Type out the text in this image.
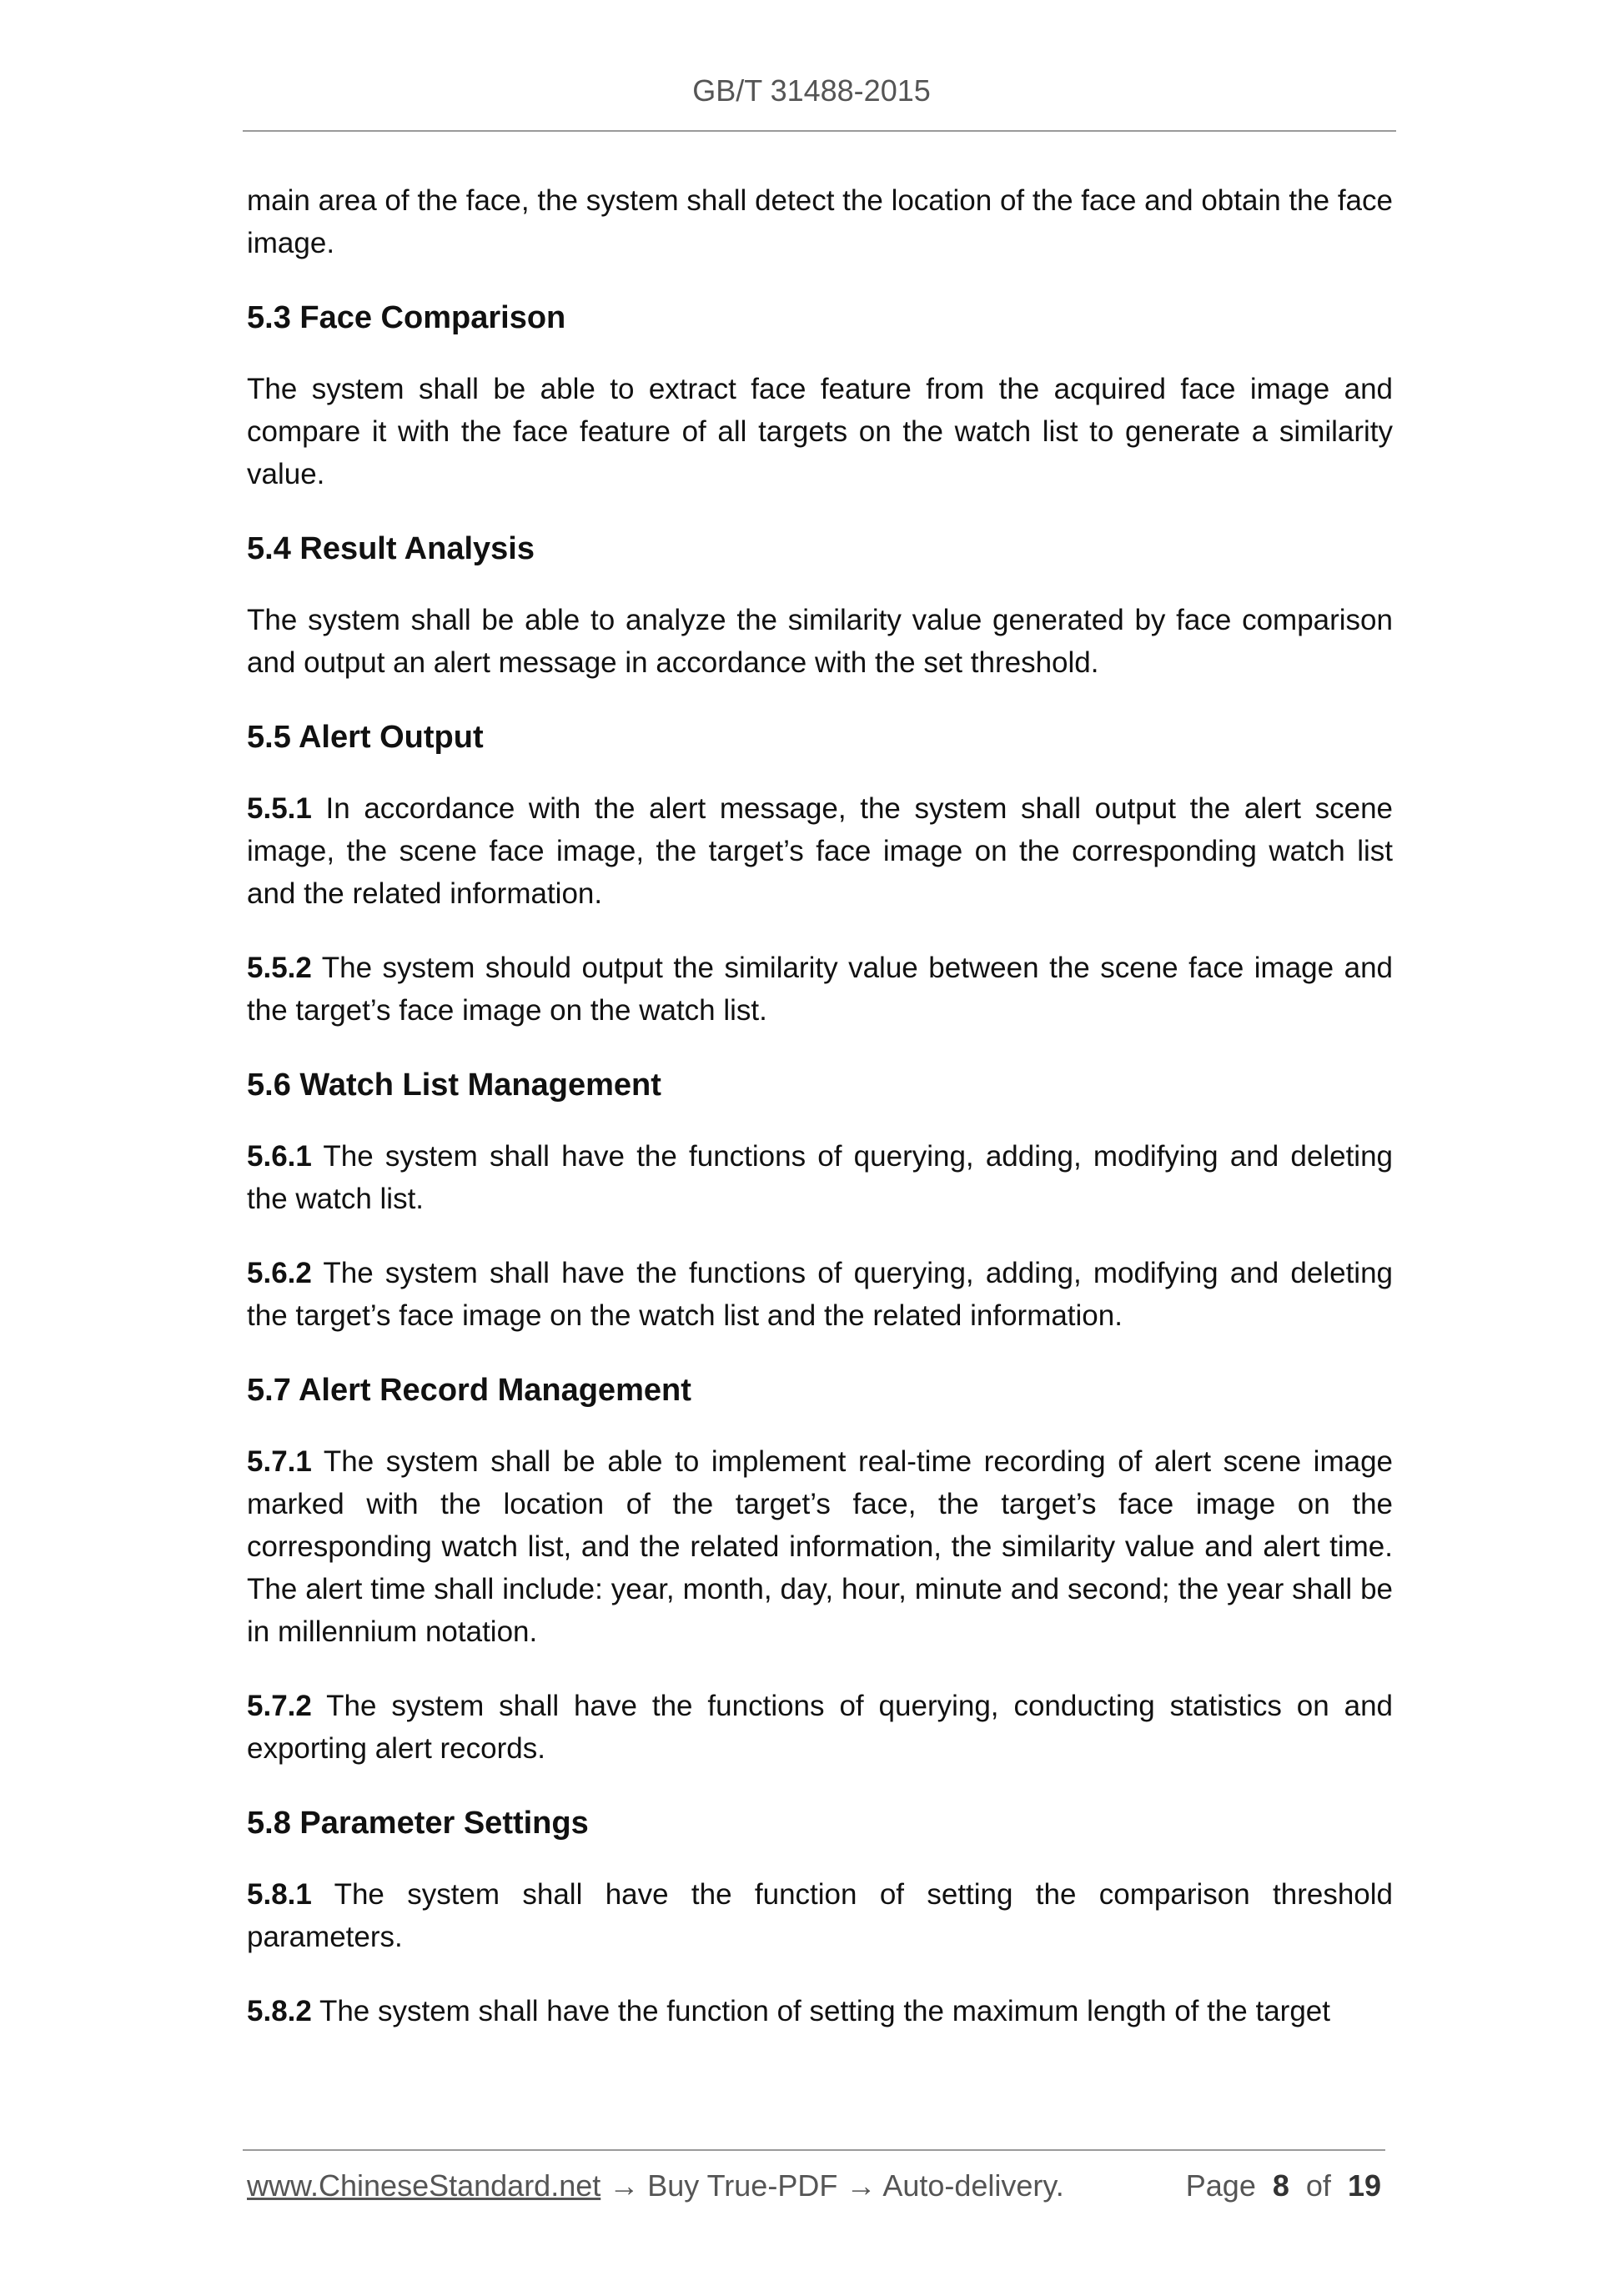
GB/T 31488-2015

main area of the face, the system shall detect the location of the face and obtain the face image.

5.3 Face Comparison

The system shall be able to extract face feature from the acquired face image and compare it with the face feature of all targets on the watch list to generate a similarity value.

5.4 Result Analysis

The system shall be able to analyze the similarity value generated by face comparison and output an alert message in accordance with the set threshold.

5.5 Alert Output

5.5.1 In accordance with the alert message, the system shall output the alert scene image, the scene face image, the target’s face image on the corresponding watch list and the related information.

5.5.2 The system should output the similarity value between the scene face image and the target’s face image on the watch list.

5.6 Watch List Management

5.6.1 The system shall have the functions of querying, adding, modifying and deleting the watch list.

5.6.2 The system shall have the functions of querying, adding, modifying and deleting the target’s face image on the watch list and the related information.

5.7 Alert Record Management

5.7.1 The system shall be able to implement real-time recording of alert scene image marked with the location of the target’s face, the target’s face image on the corresponding watch list, and the related information, the similarity value and alert time. The alert time shall include: year, month, day, hour, minute and second; the year shall be in millennium notation.

5.7.2 The system shall have the functions of querying, conducting statistics on and exporting alert records.

5.8 Parameter Settings

5.8.1 The system shall have the function of setting the comparison threshold parameters.

5.8.2 The system shall have the function of setting the maximum length of the target

www.ChineseStandard.net → Buy True-PDF → Auto-delivery.	Page 8 of 19
